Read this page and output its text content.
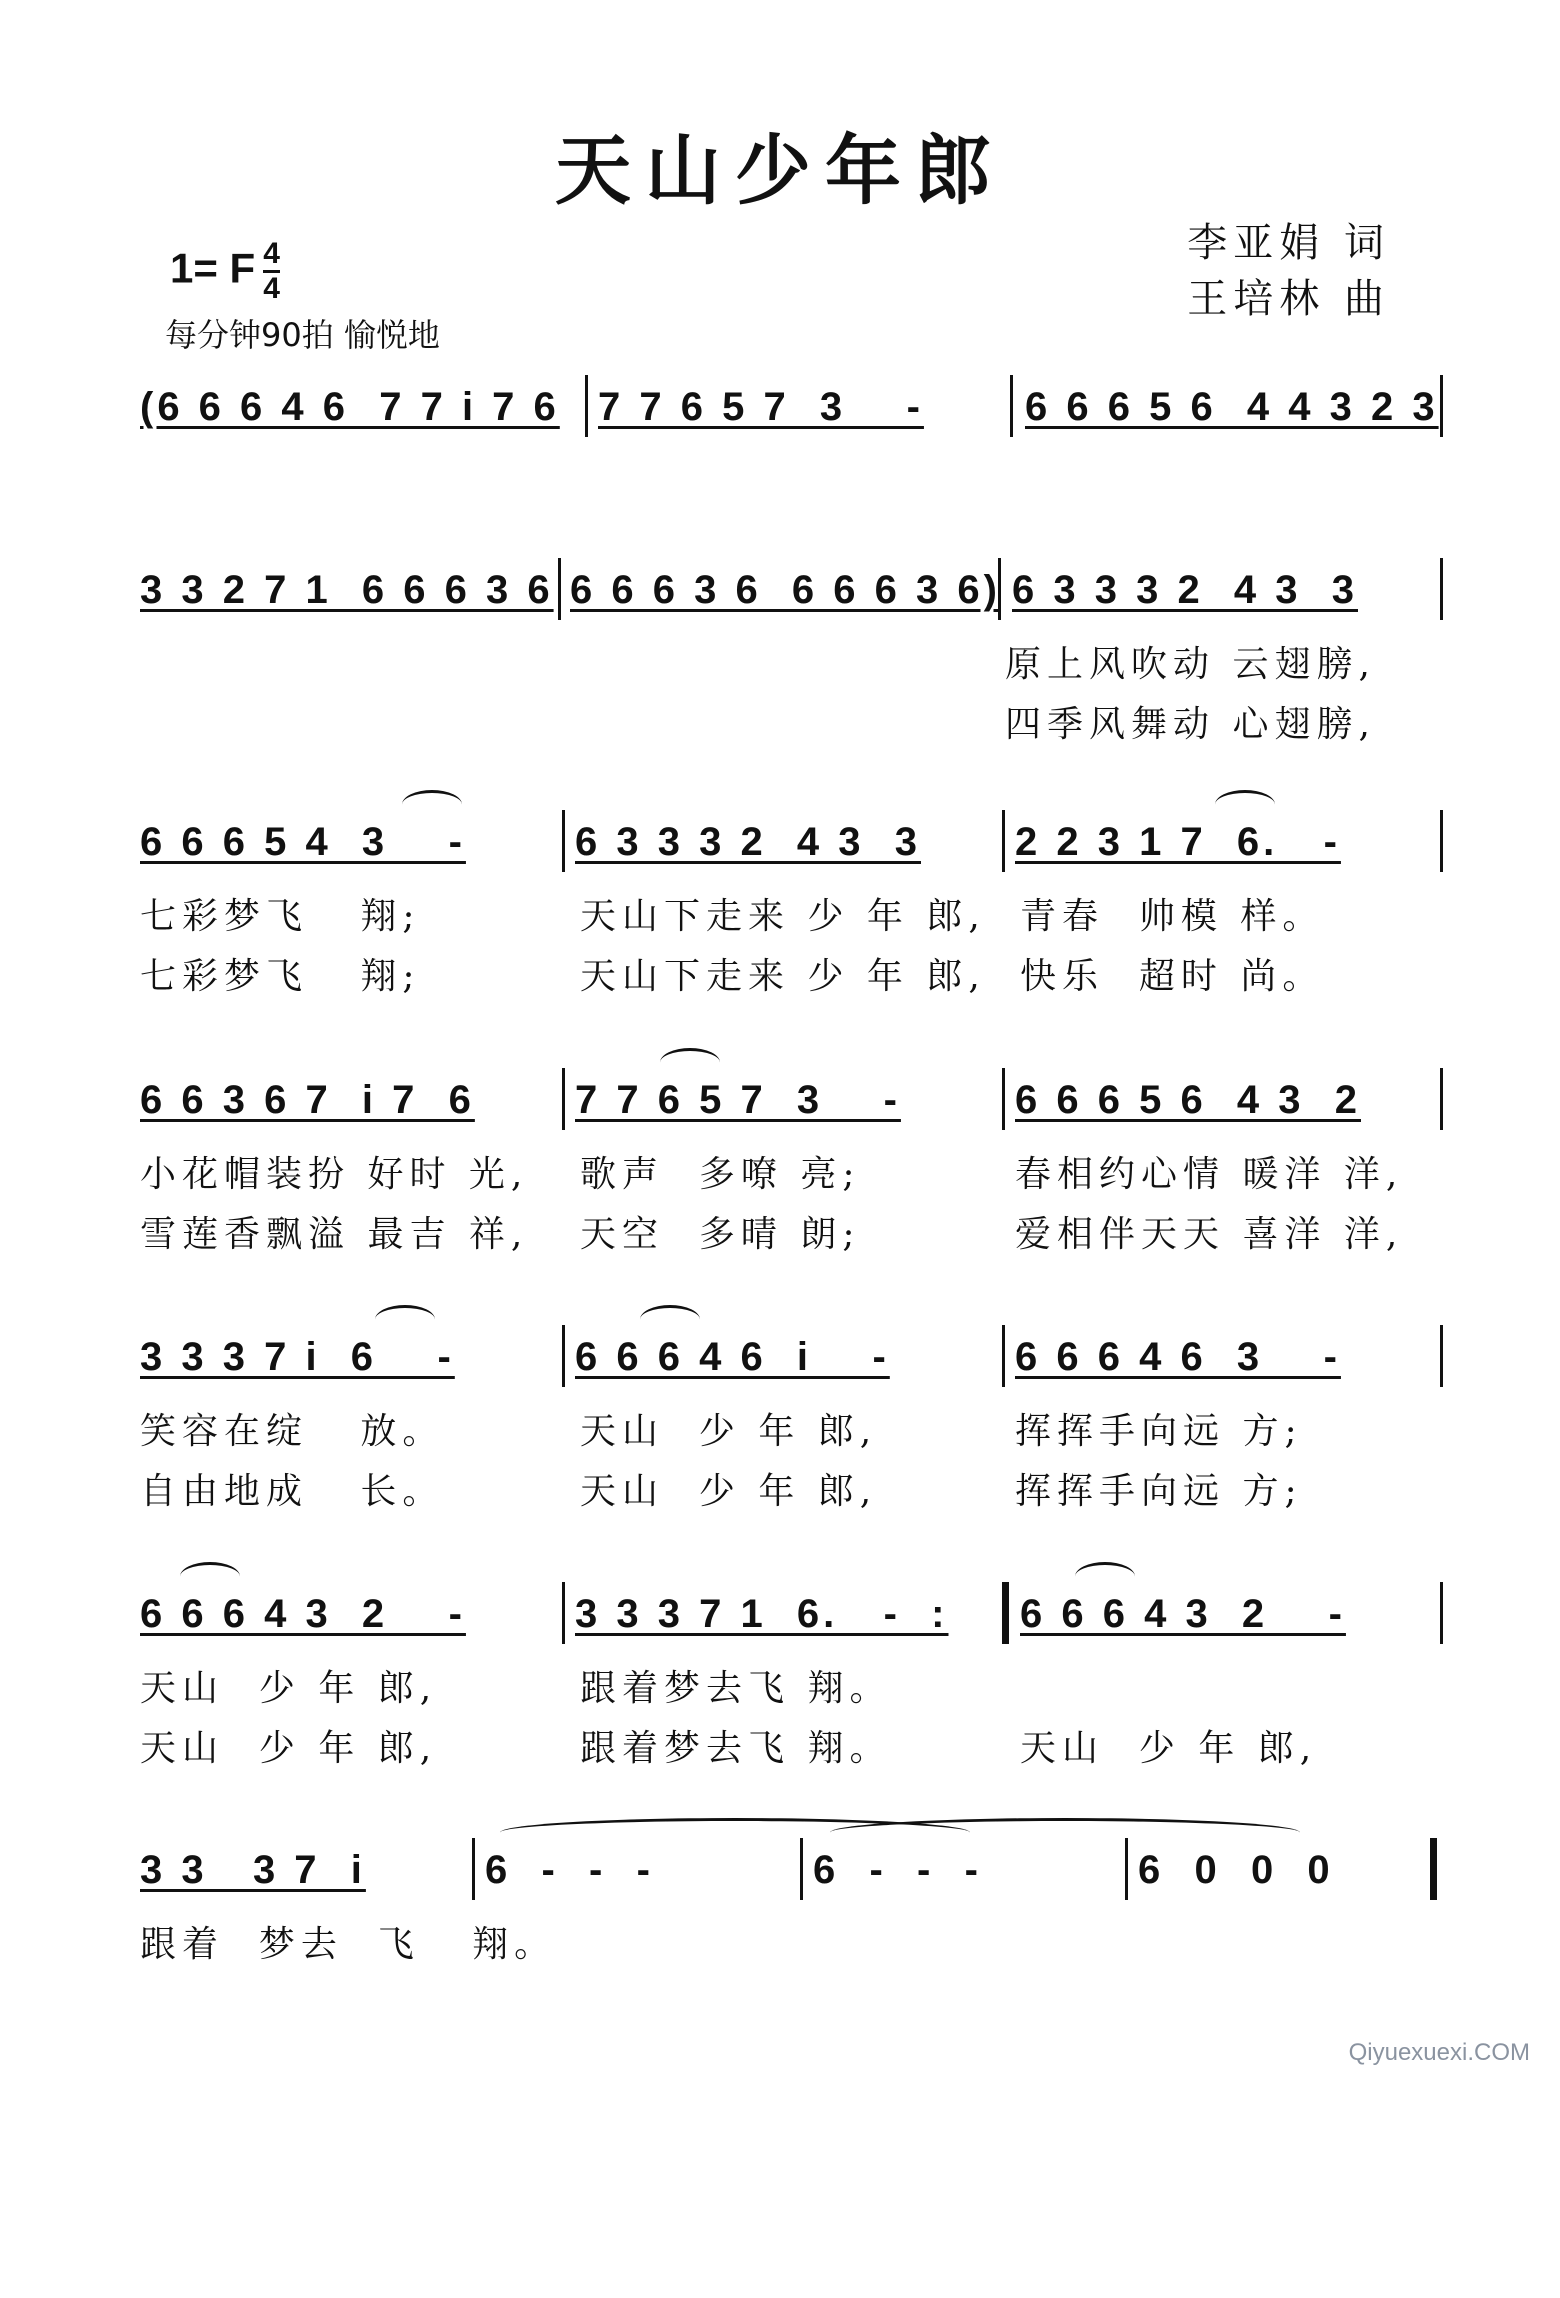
天山少年郎
1= F $\frac{4}{4}$
每分钟90拍 愉悦地
李亚娟 词
王培林 曲

(6 6 6 4 6  7 7 i 7 6

7 7 6 5 7  3    -

	6 6 6 5 6  4 4 3 2 3

3 3 2 7 1  6 6 6 3 6

6 6 6 3 6  6 6 6 3 6)

6 3 3 3 2  4 3  3

原上风吹动 云翅膀,
四季风舞动 心翅膀,

6 6 6 5 4  3    -

	6 3 3 3 2  4 3  3

2 2 3 1 7  6.   -

七彩梦飞   翔;	天山下走来 少 年 郎, 青春  帅模 样。
七彩梦飞   翔;	天山下走来 少 年 郎, 快乐  超时 尚。

6 6 3 6 7  i 7  6

	7 7 6 5 7  3    -

	6 6 6 5 6  4 3  2

小花帽装扮 好时 光,	歌声  多嘹 亮;	春相约心情 暖洋 洋,
雪莲香飘溢 最吉 祥,	天空  多晴 朗;	爱相伴天天 喜洋 洋,

3 3 3 7 i  6    -

	6 6 6 4 6  i    -

	6 6 6 4 6  3    -

笑容在绽   放。	天山  少 年 郎,	挥挥手向远 方;
自由地成   长。	天山  少 年 郎,	挥挥手向远 方;

6 6 6 4 3  2    -

	3 3 3 7 1  6.   -  :

6 6 6 4 3  2    -

天山  少 年 郎,	跟着梦去飞 翔。
天山  少 年 郎,	跟着梦去飞 翔。	天山  少 年 郎,

3 3   3 7  i

	6  -  -  -

	6  -  -  -

	6  0  0  0

跟着  梦去  飞   翔。
Qiyuexuexi.COM
